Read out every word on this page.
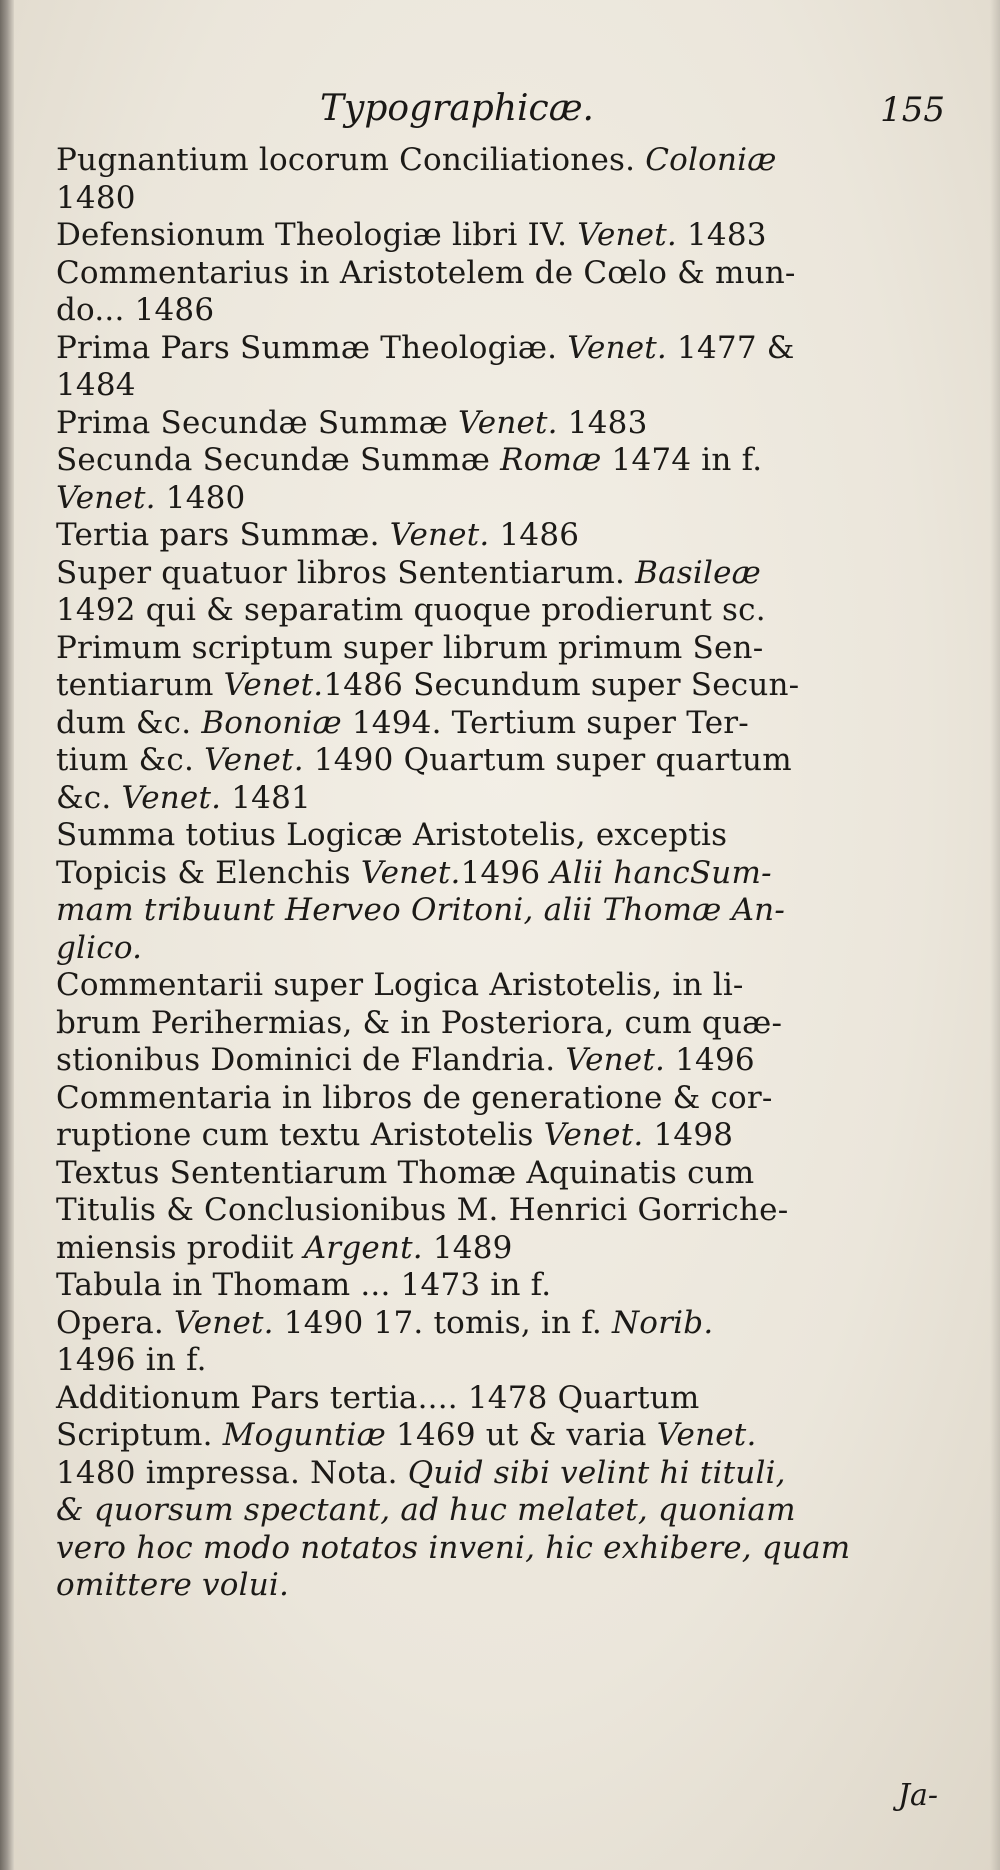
Typographicæ.	155
Pugnantium locorum Conciliationes. Coloniæ
1480
Defensionum Theologiæ libri IV. Venet. 1483
Commentarius in Aristotelem de Cœlo & mun-
do... 1486
Prima Pars Summæ Theologiæ. Venet. 1477 &
1484
Prima Secundæ Summæ Venet. 1483
Secunda Secundæ Summæ Romæ 1474 in f.
Venet. 1480
Tertia pars Summæ. Venet. 1486
Super quatuor libros Sententiarum. Basileæ
1492 qui & separatim quoque prodierunt sc.
Primum scriptum super librum primum Sen-
tentiarum Venet.1486 Secundum super Secun-
dum &c. Bononiæ 1494. Tertium super Ter-
tium &c. Venet. 1490 Quartum super quartum
&c. Venet. 1481
Summa totius Logicæ Aristotelis, exceptis
Topicis & Elenchis Venet.1496 Alii hancSum-
mam tribuunt Herveo Oritoni, alii Thomæ An-
glico.
Commentarii super Logica Aristotelis, in li-
brum Perihermias, & in Posteriora, cum quæ-
stionibus Dominici de Flandria. Venet. 1496
Commentaria in libros de generatione & cor-
ruptione cum textu Aristotelis Venet. 1498
Textus Sententiarum Thomæ Aquinatis cum
Titulis & Conclusionibus M. Henrici Gorriche-
miensis prodiit Argent. 1489
Tabula in Thomam ... 1473 in f.
Opera. Venet. 1490 17. tomis, in f. Norib.
1496 in f.
Additionum Pars tertia.... 1478 Quartum
Scriptum. Moguntiæ 1469 ut & varia Venet.
1480 impressa. Nota. Quid sibi velint hi tituli,
& quorsum spectant, ad huc melatet, quoniam
vero hoc modo notatos inveni, hic exhibere, quam
omittere volui.
Ja-
